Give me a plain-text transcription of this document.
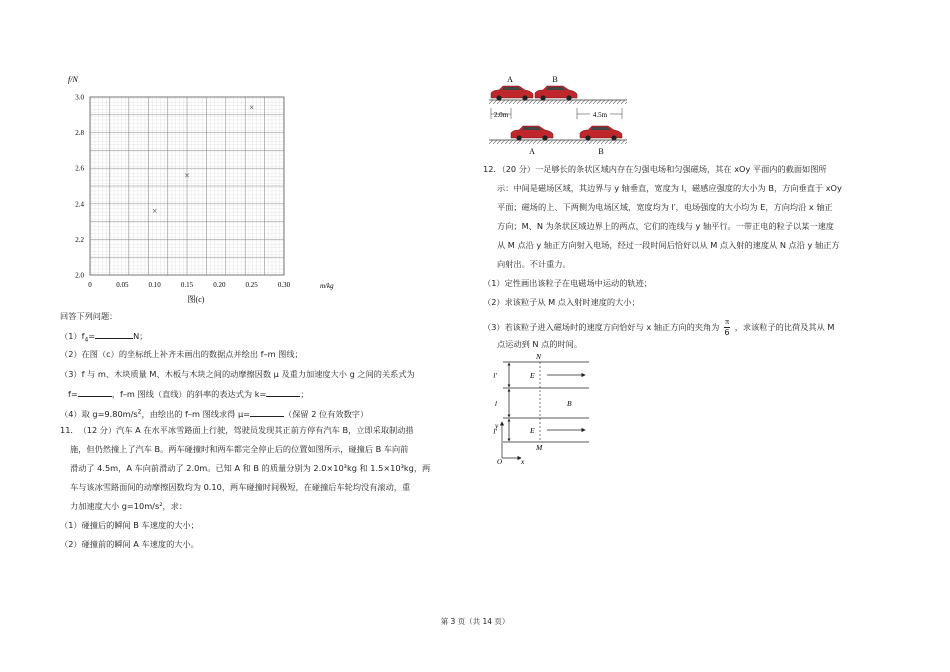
f/N
m/kg
3.0
2.8
2.6
2.4
2.2
2.0
0	0.05	0.10	0.15	0.20	0.25	0.30
×
×
×
图(c)
回答下列问题：
$(1)f_4=$	N；
（2）在图（c）的坐标纸上补齐未画出的数据点并绘出 f–m 图线；
（3）f 与 m、木块质量 M、木板与木块之间的动摩擦因数 μ 及重力加速度大小 g 之间的关系式为
f=	，f–m 图线（直线）的斜率的表达式为 k=	；
（4）取 $g=9.80m/s^2$，由绘出的 f–m 图线求得 μ=	（保留 2 位有效数字）
11．　（12 分）汽车 A 在水平冰雪路面上行驶，驾驶员发现其正前方停有汽车 B，立即采取制动措
施，但仍然撞上了汽车 B。两车碰撞时和两车都完全停止后的位置如图所示，碰撞后 B 车向前
滑动了 4.5m，A 车向前滑动了 2.0m。已知 A 和 B 的质量分别为 2.0×10³kg 和 1.5×10³kg，两
车与该冰雪路面间的动摩擦因数均为 0.10，两车碰撞时间极短，在碰撞后车轮均没有滚动，重
力加速度大小 g=10m/s²，求：
（1）碰撞后的瞬间 B 车速度的大小；
（2）碰撞前的瞬间 A 车速度的大小。
A	B
A	B
2.0m	4.5m
12．（20 分）一足够长的条状区域内存在匀强电场和匀强磁场，其在 xOy 平面内的截面如图所
示：中间是磁场区域，其边界与 y 轴垂直，宽度为 l，磁感应强度的大小为 B，方向垂直于 xOy
平面；磁场的上、下两侧为电场区域，宽度均为 l′，电场强度的大小均为 E，方向均沿 x 轴正
方向；M、N 为条状区域边界上的两点，它们的连线与 y 轴平行。一带正电的粒子以某一速度
从 M 点沿 y 轴正方向射入电场，经过一段时间后恰好以从 M 点入射的速度从 N 点沿 y 轴正方
向射出。不计重力。
（1）定性画出该粒子在电磁场中运动的轨迹；
（2）求该粒子从 M 点入射时速度的大小；
（3）若该粒子进入磁场时的速度方向恰好与 x 轴正方向的夹角为 $\frac{\pi}{6}$ ，求该粒子的比荷及其从 M
点运动到 N 点的时间。
N
M
E
E
B
l′
l
l′
y
x
O
第 3 页（共 14 页）
